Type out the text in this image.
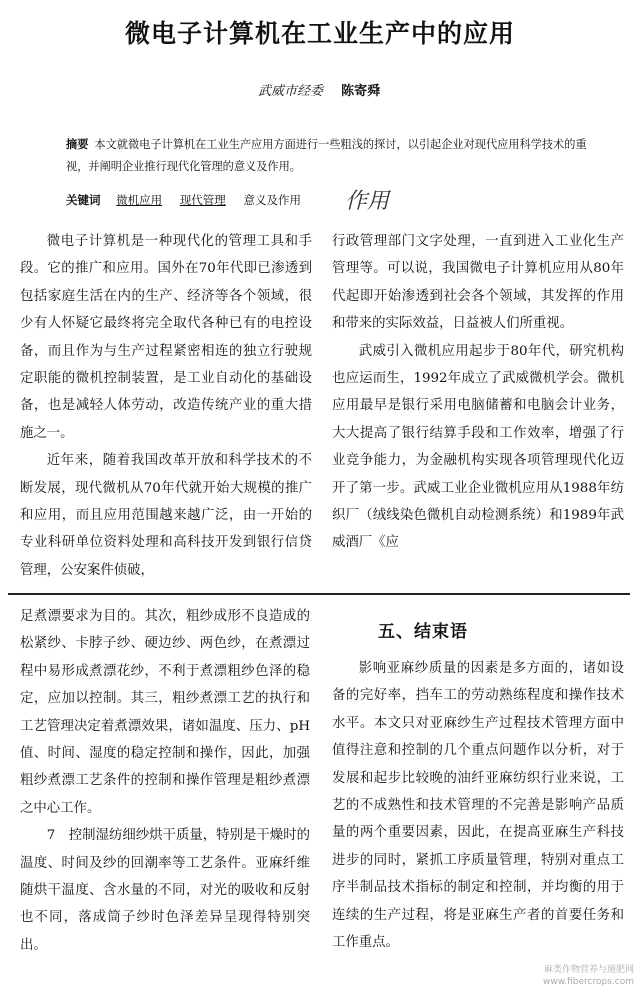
微电子计算机在工业生产中的应用
武威市经委 陈寄舜
摘要 本文就微电子计算机在工业生产应用方面进行一些粗浅的探讨，以引起企业对现代应用科学技术的重视，并阐明企业推行现代化管理的意义及作用。
关键词 微机应用 现代管理 意义及作用	作用

微电子计算机是一种现代化的管理工具和手段。它的推广和应用。国外在70年代即已渗透到包括家庭生活在内的生产、经济等各个领域，很少有人怀疑它最终将完全取代各种已有的电控设备，而且作为与生产过程紧密相连的独立行驶规定职能的微机控制装置，是工业自动化的基础设备，也是减轻人体劳动，改造传统产业的重大措施之一。

近年来，随着我国改革开放和科学技术的不断发展，现代微机从70年代就开始大规模的推广和应用，而且应用范围越来越广泛，由一开始的专业科研单位资料处理和高科技开发到银行信贷管理，公安案件侦破，

行政管理部门文字处理，一直到进入工业化生产管理等。可以说，我国微电子计算机应用从80年代起即开始渗透到社会各个领域，其发挥的作用和带来的实际效益，日益被人们所重视。

武威引入微机应用起步于80年代，研究机构也应运而生，1992年成立了武威微机学会。微机应用最早是银行采用电脑储蓄和电脑会计业务，大大提高了银行结算手段和工作效率，增强了行业竞争能力，为金融机构实现各项管理现代化迈开了第一步。武威工业企业微机应用从1988年纺织厂（绒线染色微机自动检测系统）和1989年武威酒厂《应

足煮漂要求为目的。其次，粗纱成形不良造成的松紧纱、卡脖子纱、硬边纱、两色纱，在煮漂过程中易形成煮漂花纱，不利于煮漂粗纱色泽的稳定，应加以控制。其三，粗纱煮漂工艺的执行和工艺管理决定着煮漂效果，诸如温度、压力、pH值、时间、湿度的稳定控制和操作，因此，加强粗纱煮漂工艺条件的控制和操作管理是粗纱煮漂之中心工作。

7　控制湿纺细纱烘干质量，特别是干燥时的温度、时间及纱的回潮率等工艺条件。亚麻纤维随烘干温度、含水量的不同，对光的吸收和反射也不同，落成筒子纱时色泽差异呈现得特别突出。

五、结束语

影响亚麻纱质量的因素是多方面的，诸如设备的完好率，挡车工的劳动熟练程度和操作技术水平。本文只对亚麻纱生产过程技术管理方面中值得注意和控制的几个重点问题作以分析，对于发展和起步比较晚的油纤亚麻纺织行业来说，工艺的不成熟性和技术管理的不完善是影响产品质量的两个重要因素，因此，在提高亚麻生产科技进步的同时，紧抓工序质量管理，特别对重点工序半制品技术指标的制定和控制，并均衡的用于连续的生产过程，将是亚麻生产者的首要任务和工作重点。

麻类作物营养与施肥网
www.fibercrops.com
